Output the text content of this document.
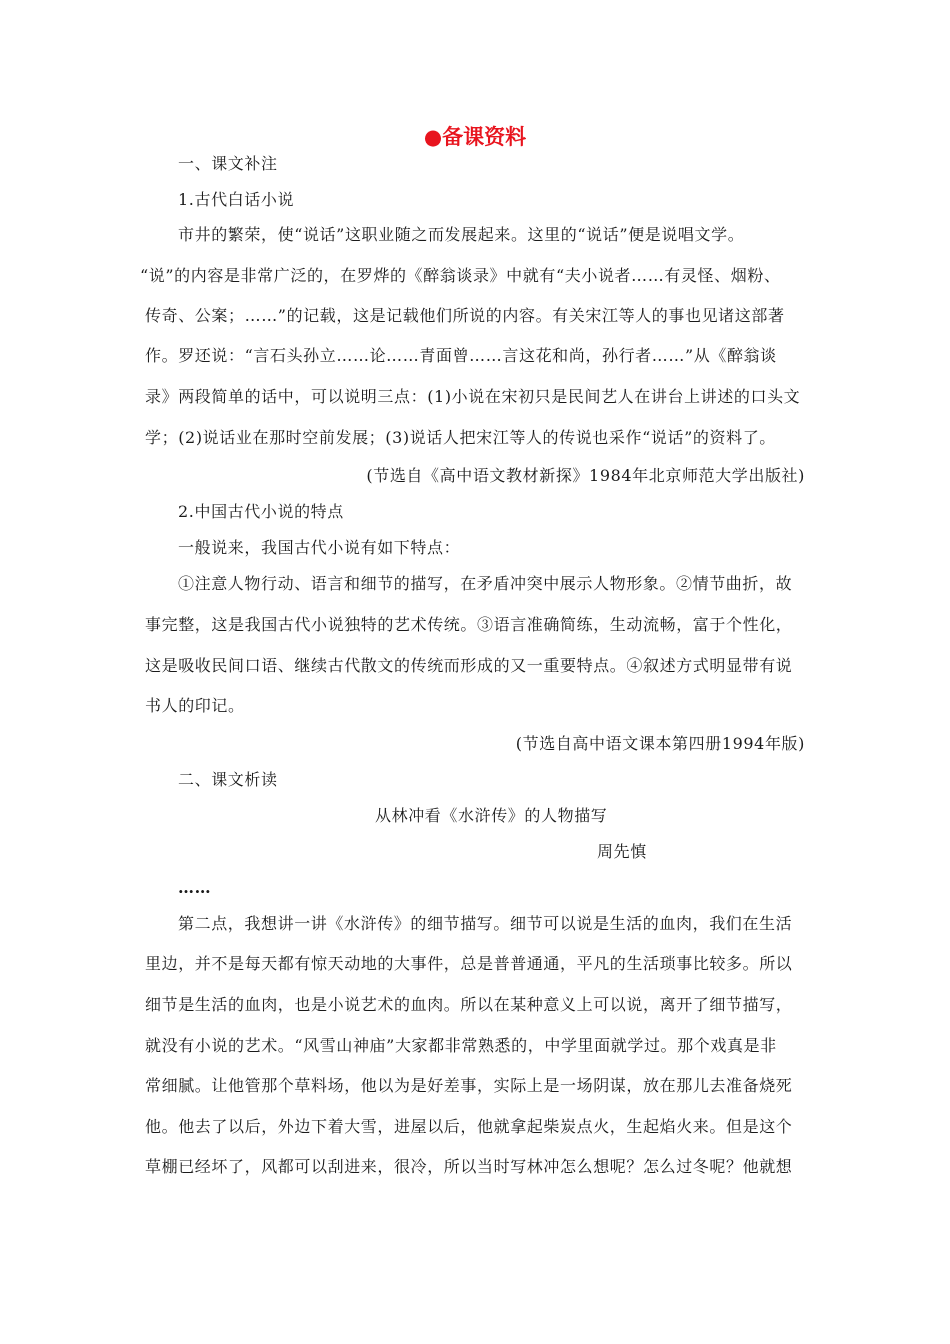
●备课资料

一、课文补注

1.古代白话小说

市井的繁荣，使“说话”这职业随之而发展起来。这里的“说话”便是说唱文学。

“说”的内容是非常广泛的，在罗烨的《醉翁谈录》中就有“夫小说者……有灵怪、烟粉、

传奇、公案；……”的记载，这是记载他们所说的内容。有关宋江等人的事也见诸这部著

作。罗还说：“言石头孙立……论……青面曾……言这花和尚，孙行者……”从《醉翁谈

录》两段简单的话中，可以说明三点：(1)小说在宋初只是民间艺人在讲台上讲述的口头文

学；(2)说话业在那时空前发展；(3)说话人把宋江等人的传说也采作“说话”的资料了。

(节选自《高中语文教材新探》1984年北京师范大学出版社)

2.中国古代小说的特点

一般说来，我国古代小说有如下特点：

①注意人物行动、语言和细节的描写，在矛盾冲突中展示人物形象。②情节曲折，故

事完整，这是我国古代小说独特的艺术传统。③语言准确简练，生动流畅，富于个性化，

这是吸收民间口语、继续古代散文的传统而形成的又一重要特点。④叙述方式明显带有说

书人的印记。

(节选自高中语文课本第四册1994年版)

二、课文析读

从林冲看《水浒传》的人物描写

周先慎

……

第二点，我想讲一讲《水浒传》的细节描写。细节可以说是生活的血肉，我们在生活

里边，并不是每天都有惊天动地的大事件，总是普普通通，平凡的生活琐事比较多。所以

细节是生活的血肉，也是小说艺术的血肉。所以在某种意义上可以说，离开了细节描写，

就没有小说的艺术。“风雪山神庙”大家都非常熟悉的，中学里面就学过。那个戏真是非

常细腻。让他管那个草料场，他以为是好差事，实际上是一场阴谋，放在那儿去准备烧死

他。他去了以后，外边下着大雪，进屋以后，他就拿起柴炭点火，生起焰火来。但是这个

草棚已经坏了，风都可以刮进来，很冷，所以当时写林冲怎么想呢？怎么过冬呢？他就想
